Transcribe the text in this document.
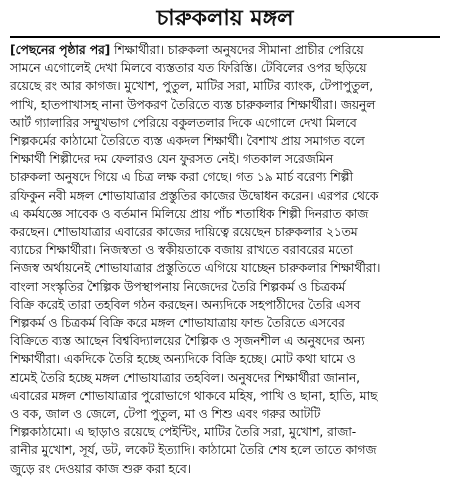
চারুকলায় মঙ্গল
[পেছনের পৃষ্ঠার পর] শিক্ষার্থীরা। চারুকলা অনুষদের সীমানা প্রাচীর পেরিয়ে
সামনে এগোলেই দেখা মিলবে ব্যস্ততার যত ফিরিস্তি। টেবিলের ওপর ছড়িয়ে
রয়েছে রং আর কাগজ। মুখোশ, পুতুল, মাটির সরা, মাটির ব্যাংক, টেপাপুতুল,
পাখি, হাতপাখাসহ নানা উপকরণ তৈরিতে ব্যস্ত চারুকলার শিক্ষার্থীরা। জয়নুল
আর্ট গ্যালারির সম্মুখভাগ পেরিয়ে বকুলতলার দিকে এগোলে দেখা মিলবে
শিল্পকর্মের কাঠামো তৈরিতে ব্যস্ত একদল শিক্ষার্থী। বৈশাখ প্রায় সমাগত বলে
শিক্ষার্থী শিল্পীদের দম ফেলারও যেন ফুরসত নেই। গতকাল সরেজমিন
চারুকলা অনুষদে গিয়ে এ চিত্র লক্ষ করা গেছে। গত ১৯ মার্চ বরেণ্য শিল্পী
রফিকুন নবী মঙ্গল শোভাযাত্রার প্রস্তুতির কাজের উদ্বোধন করেন। এরপর থেকে
এ কর্মযজ্ঞে সাবেক ও বর্তমান মিলিয়ে প্রায় পাঁচ শতাধিক শিল্পী দিনরাত কাজ
করছেন। শোভাযাত্রার এবারের কাজের দায়িত্বে রয়েছেন চারুকলার ২১তম
ব্যাচের শিক্ষার্থীরা। নিজস্বতা ও স্বকীয়তাকে বজায় রাখতে বরাবরের মতো
নিজস্ব অর্থায়নেই শোভাযাত্রার প্রস্তুতিতে এগিয়ে যাচ্ছেন চারুকলার শিক্ষার্থীরা।
বাংলা সংস্কৃতির শৈল্পিক উপস্থাপনায় নিজেদের তৈরি শিল্পকর্ম ও চিত্রকর্ম
বিক্রি করেই তারা তহবিল গঠন করছেন। অন্যদিকে সহপাঠীদের তৈরি এসব
শিল্পকর্ম ও চিত্রকর্ম বিক্রি করে মঙ্গল শোভাযাত্রায় ফান্ড তৈরিতে এসবের
বিক্রিতে ব্যস্ত আছেন বিশ্ববিদ্যালয়ের শৈল্পিক ও সৃজনশীল এ অনুষদের অন্য
শিক্ষার্থীরা। একদিকে তৈরি হচ্ছে অন্যদিকে বিক্রি হচ্ছে। মোট কথা ঘামে ও
শ্রমেই তৈরি হচ্ছে মঙ্গল শোভাযাত্রার তহবিল। অনুষদের শিক্ষার্থীরা জানান,
এবারের মঙ্গল শোভাযাত্রার পুরোভাগে থাকবে মহিষ, পাখি ও ছানা, হাতি, মাছ
ও বক, জাল ও জেলে, টেপা পুতুল, মা ও শিশু এবং গরুর আটটি
শিল্পকাঠামো। এ ছাড়াও রয়েছে পেইন্টিং, মাটির তৈরি সরা, মুখোশ, রাজা-
রানীর মুখোশ, সূর্য, ডট, লকেট ইত্যাদি। কাঠামো তৈরি শেষ হলে তাতে কাগজ
জুড়ে রং দেওয়ার কাজ শুরু করা হবে।
